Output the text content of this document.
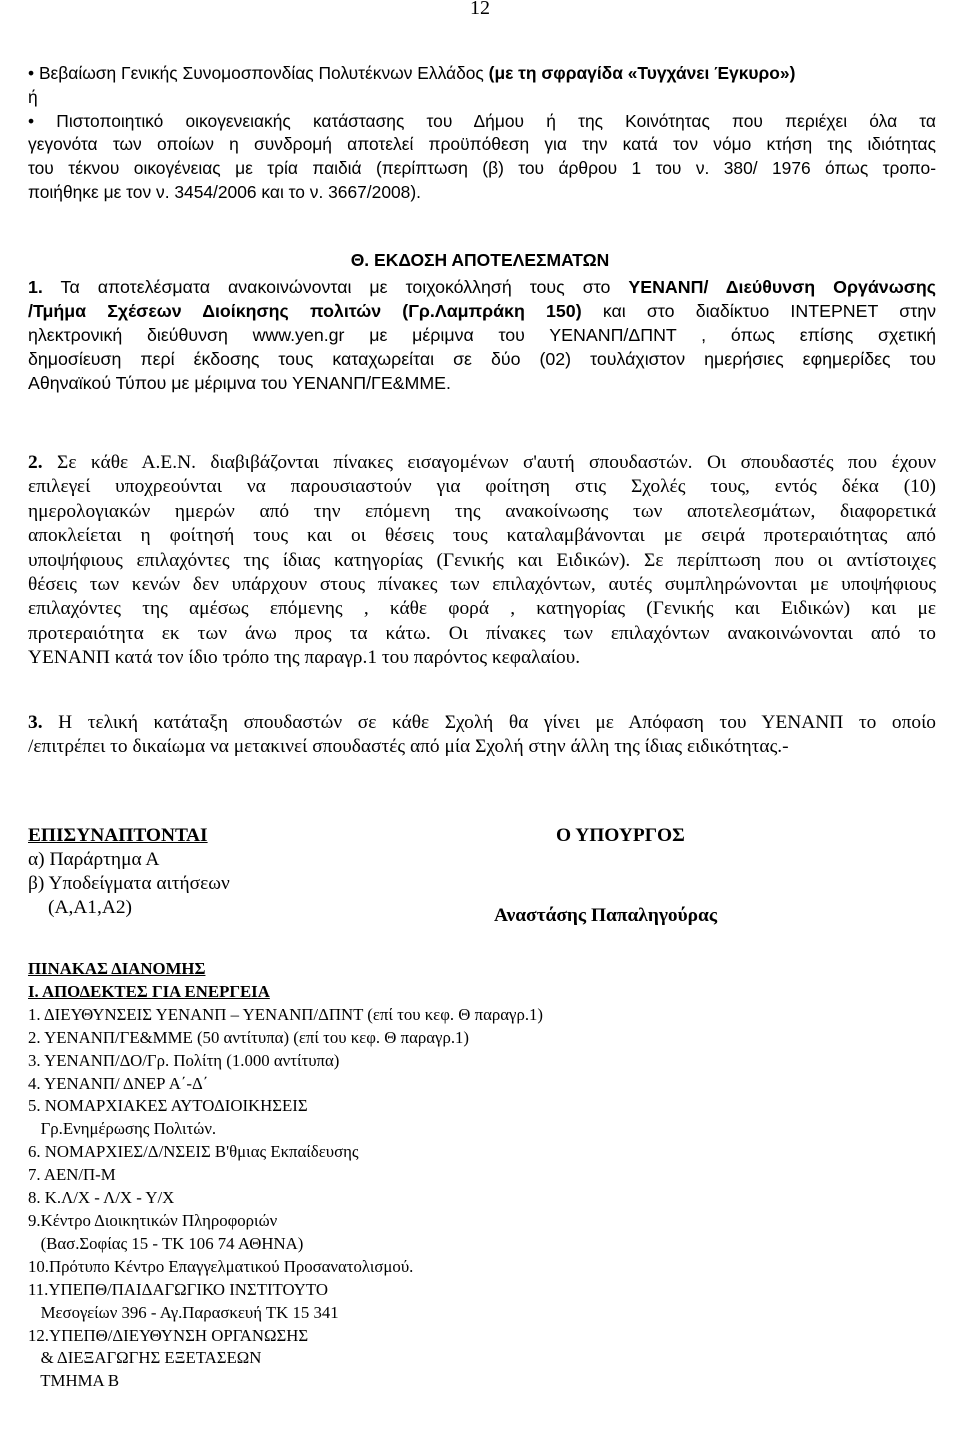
12
• Βεβαίωση Γενικής Συνομοσπονδίας Πολυτέκνων Ελλάδος (με τη σφραγίδα «Τυγχάνει Έγκυρο»)
ή
• Πιστοποιητικό οικογενειακής κατάστασης του Δήμου ή της Κοινότητας που περιέχει όλα τα
γεγονότα των οποίων η συνδρομή αποτελεί προϋπόθεση για την κατά τον νόμο κτήση της ιδιότητας
του τέκνου οικογένειας με τρία παιδιά (περίπτωση (β) του άρθρου 1 του ν. 380/ 1976 όπως τροπο-
ποιήθηκε με τον ν. 3454/2006 και το ν. 3667/2008).
Θ. ΕΚΔΟΣΗ ΑΠΟΤΕΛΕΣΜΑΤΩΝ
1. Τα αποτελέσματα ανακοινώνονται με τοιχοκόλλησή τους στο ΥΕΝΑΝΠ/ Διεύθυνση Οργάνωσης
/Τμήμα Σχέσεων Διοίκησης πολιτών (Γρ.Λαμπράκη 150) και στο διαδίκτυο ΙΝΤΕΡΝΕΤ στην
ηλεκτρονική διεύθυνση www.yen.gr με μέριμνα του ΥΕΝΑΝΠ/ΔΠΝΤ , όπως επίσης σχετική
δημοσίευση περί έκδοσης τους καταχωρείται σε δύο (02) τουλάχιστον ημερήσιες εφημερίδες του
Αθηναϊκού Τύπου με μέριμνα του ΥΕΝΑΝΠ/ΓΕ&ΜΜΕ.
2. Σε κάθε Α.Ε.Ν. διαβιβάζονται πίνακες εισαγομένων σ'αυτή σπουδαστών. Οι σπουδαστές που έχουν
επιλεγεί υποχρεούνται να παρουσιαστούν για φοίτηση στις Σχολές τους, εντός δέκα (10)
ημερολογιακών ημερών από την επόμενη της ανακοίνωσης των αποτελεσμάτων, διαφορετικά
αποκλείεται η φοίτησή τους και οι θέσεις τους καταλαμβάνονται με σειρά προτεραιότητας από
υποψήφιους επιλαχόντες της ίδιας κατηγορίας (Γενικής και Ειδικών). Σε περίπτωση που οι αντίστοιχες
θέσεις των κενών δεν υπάρχουν στους πίνακες των επιλαχόντων, αυτές συμπληρώνονται με υποψήφιους
επιλαχόντες της αμέσως επόμενης , κάθε φορά , κατηγορίας (Γενικής και Ειδικών) και με
προτεραιότητα εκ των άνω προς τα κάτω. Οι πίνακες των επιλαχόντων ανακοινώνονται από το
ΥΕΝΑΝΠ κατά τον ίδιο τρόπο της παραγρ.1 του παρόντος κεφαλαίου.
3. Η τελική κατάταξη σπουδαστών σε κάθε Σχολή θα γίνει με Απόφαση του ΥΕΝΑΝΠ το οποίο
/επιτρέπει το δικαίωμα να μετακινεί σπουδαστές από μία Σχολή στην άλλη της ίδιας ειδικότητας.-
ΕΠΙΣΥΝΑΠΤΟΝΤΑΙ
α) Παράρτημα Α
β) Υποδείγματα αιτήσεων
(Α,Α1,Α2)
Ο ΥΠΟΥΡΓΟΣ
Αναστάσης Παπαληγούρας
ΠΙΝΑΚΑΣ ΔΙΑΝΟΜΗΣ
Ι. ΑΠΟΔΕΚΤΕΣ ΓΙΑ ΕΝΕΡΓΕΙΑ
1. ΔΙΕΥΘΥΝΣΕΙΣ ΥΕΝΑΝΠ – ΥΕΝΑΝΠ/ΔΠΝΤ (επί του κεφ. Θ παραγρ.1)
2. ΥΕΝΑΝΠ/ΓΕ&ΜΜΕ (50 αντίτυπα) (επί του κεφ. Θ παραγρ.1)
3. ΥΕΝΑΝΠ/ΔΟ/Γρ. Πολίτη (1.000 αντίτυπα)
4. ΥΕΝΑΝΠ/ ΔΝΕΡ Α΄-Δ΄
5. ΝΟΜΑΡΧΙΑΚΕΣ ΑΥΤΟΔΙΟΙΚΗΣΕΙΣ
Γρ.Ενημέρωσης Πολιτών.
6. ΝΟΜΑΡΧΙΕΣ/Δ/ΝΣΕΙΣ Β'θμιας Εκπαίδευσης
7. ΑΕΝ/Π-Μ
8. Κ.Λ/Χ - Λ/Χ - Υ/Χ
9.Κέντρο Διοικητικών Πληροφοριών
(Βασ.Σοφίας 15 - ΤΚ 106 74 ΑΘΗΝΑ)
10.Πρότυπο Κέντρο Επαγγελματικού Προσανατολισμού.
11.ΥΠΕΠΘ/ΠΑΙΔΑΓΩΓΙΚΟ ΙΝΣΤΙΤΟΥΤΟ
Μεσογείων 396 - Αγ.Παρασκευή ΤΚ 15 341
12.ΥΠΕΠΘ/ΔΙΕΥΘΥΝΣΗ ΟΡΓΑΝΩΣΗΣ
& ΔΙΕΞΑΓΩΓΗΣ ΕΞΕΤΑΣΕΩΝ
ΤΜΗΜΑ Β
